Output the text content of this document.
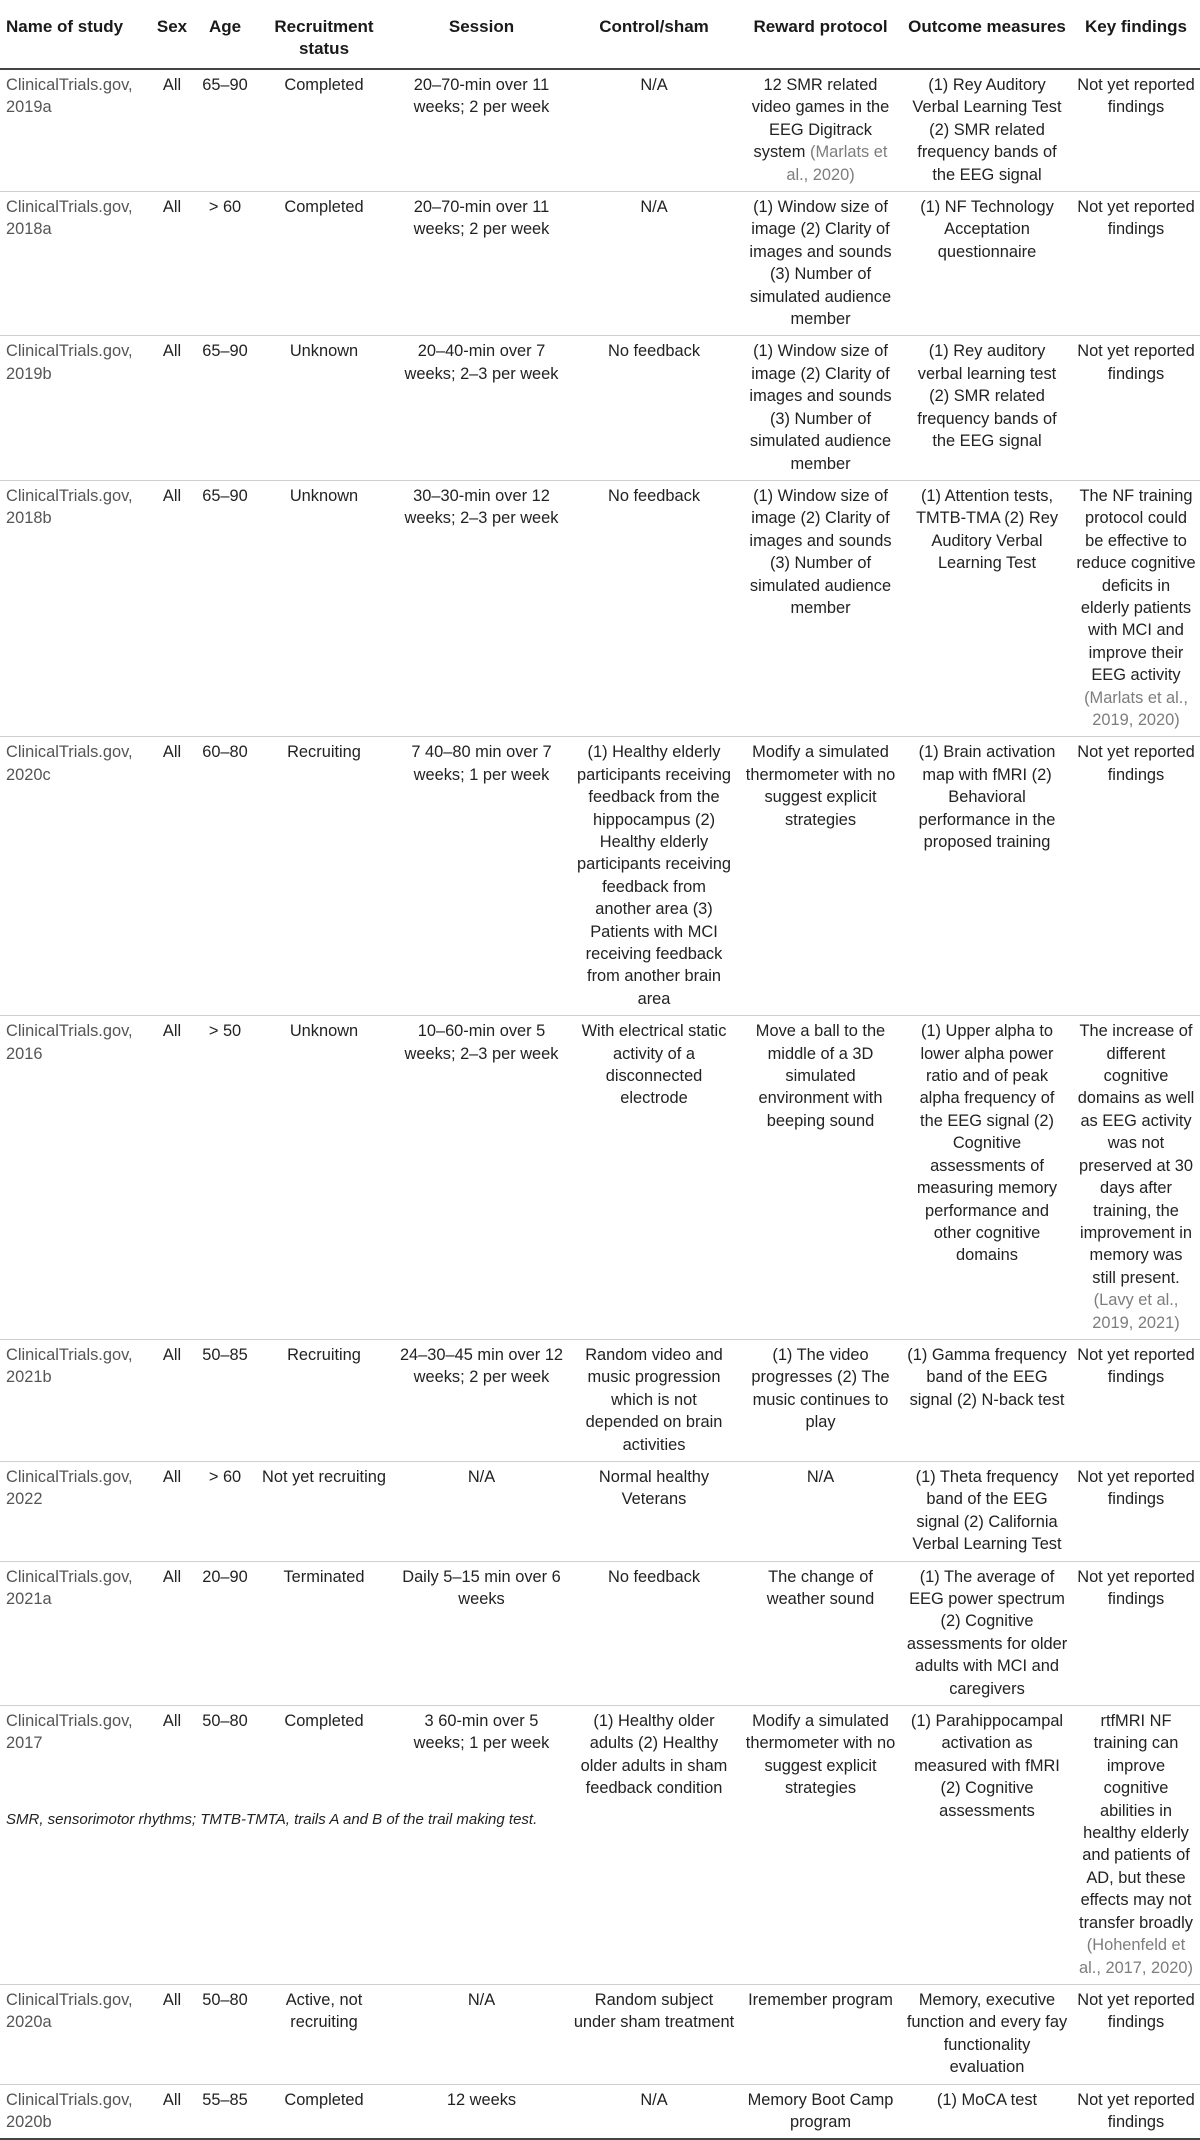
Name of study	Sex	Age	Recruitment status	Session	Control/sham	Reward protocol	Outcome measures	Key findings
ClinicalTrials.gov, 2019a	All	65–90	Completed	20–70-min over 11 weeks; 2 per week	N/A	12 SMR related video games in the EEG Digitrack system (Marlats et al., 2020)	(1) Rey Auditory Verbal Learning Test (2) SMR related frequency bands of the EEG signal	Not yet reported findings
ClinicalTrials.gov, 2018a	All	> 60	Completed	20–70-min over 11 weeks; 2 per week	N/A	(1) Window size of image (2) Clarity of images and sounds (3) Number of simulated audience member	(1) NF Technology Acceptation questionnaire	Not yet reported findings
ClinicalTrials.gov, 2019b	All	65–90	Unknown	20–40-min over 7 weeks; 2–3 per week	No feedback	(1) Window size of image (2) Clarity of images and sounds (3) Number of simulated audience member	(1) Rey auditory verbal learning test (2) SMR related frequency bands of the EEG signal	Not yet reported findings
ClinicalTrials.gov, 2018b	All	65–90	Unknown	30–30-min over 12 weeks; 2–3 per week	No feedback	(1) Window size of image (2) Clarity of images and sounds (3) Number of simulated audience member	(1) Attention tests, TMTB-TMA (2) Rey Auditory Verbal Learning Test	The NF training protocol could be effective to reduce cognitive deficits in elderly patients with MCI and improve their EEG activity (Marlats et al., 2019, 2020)
ClinicalTrials.gov, 2020c	All	60–80	Recruiting	7 40–80 min over 7 weeks; 1 per week	(1) Healthy elderly participants receiving feedback from the hippocampus (2) Healthy elderly participants receiving feedback from another area (3) Patients with MCI receiving feedback from another brain area	Modify a simulated thermometer with no suggest explicit strategies	(1) Brain activation map with fMRI (2) Behavioral performance in the proposed training	Not yet reported findings
ClinicalTrials.gov, 2016	All	> 50	Unknown	10–60-min over 5 weeks; 2–3 per week	With electrical static activity of a disconnected electrode	Move a ball to the middle of a 3D simulated environment with beeping sound	(1) Upper alpha to lower alpha power ratio and of peak alpha frequency of the EEG signal (2) Cognitive assessments of measuring memory performance and other cognitive domains	The increase of different cognitive domains as well as EEG activity was not preserved at 30 days after training, the improvement in memory was still present. (Lavy et al., 2019, 2021)
ClinicalTrials.gov, 2021b	All	50–85	Recruiting	24–30–45 min over 12 weeks; 2 per week	Random video and music progression which is not depended on brain activities	(1) The video progresses (2) The music continues to play	(1) Gamma frequency band of the EEG signal (2) N-back test	Not yet reported findings
ClinicalTrials.gov, 2022	All	> 60	Not yet recruiting	N/A	Normal healthy Veterans	N/A	(1) Theta frequency band of the EEG signal (2) California Verbal Learning Test	Not yet reported findings
ClinicalTrials.gov, 2021a	All	20–90	Terminated	Daily 5–15 min over 6 weeks	No feedback	The change of weather sound	(1) The average of EEG power spectrum (2) Cognitive assessments for older adults with MCI and caregivers	Not yet reported findings
ClinicalTrials.gov, 2017	All	50–80	Completed	3 60-min over 5 weeks; 1 per week	(1) Healthy older adults (2) Healthy older adults in sham feedback condition	Modify a simulated thermometer with no suggest explicit strategies	(1) Parahippocampal activation as measured with fMRI (2) Cognitive assessments	rtfMRI NF training can improve cognitive abilities in healthy elderly and patients of AD, but these effects may not transfer broadly (Hohenfeld et al., 2017, 2020)
ClinicalTrials.gov, 2020a	All	50–80	Active, not recruiting	N/A	Random subject under sham treatment	Iremember program	Memory, executive function and every fay functionality evaluation	Not yet reported findings
ClinicalTrials.gov, 2020b	All	55–85	Completed	12 weeks	N/A	Memory Boot Camp program	(1) MoCA test	Not yet reported findings
SMR, sensorimotor rhythms; TMTB-TMTA, trails A and B of the trail making test.
